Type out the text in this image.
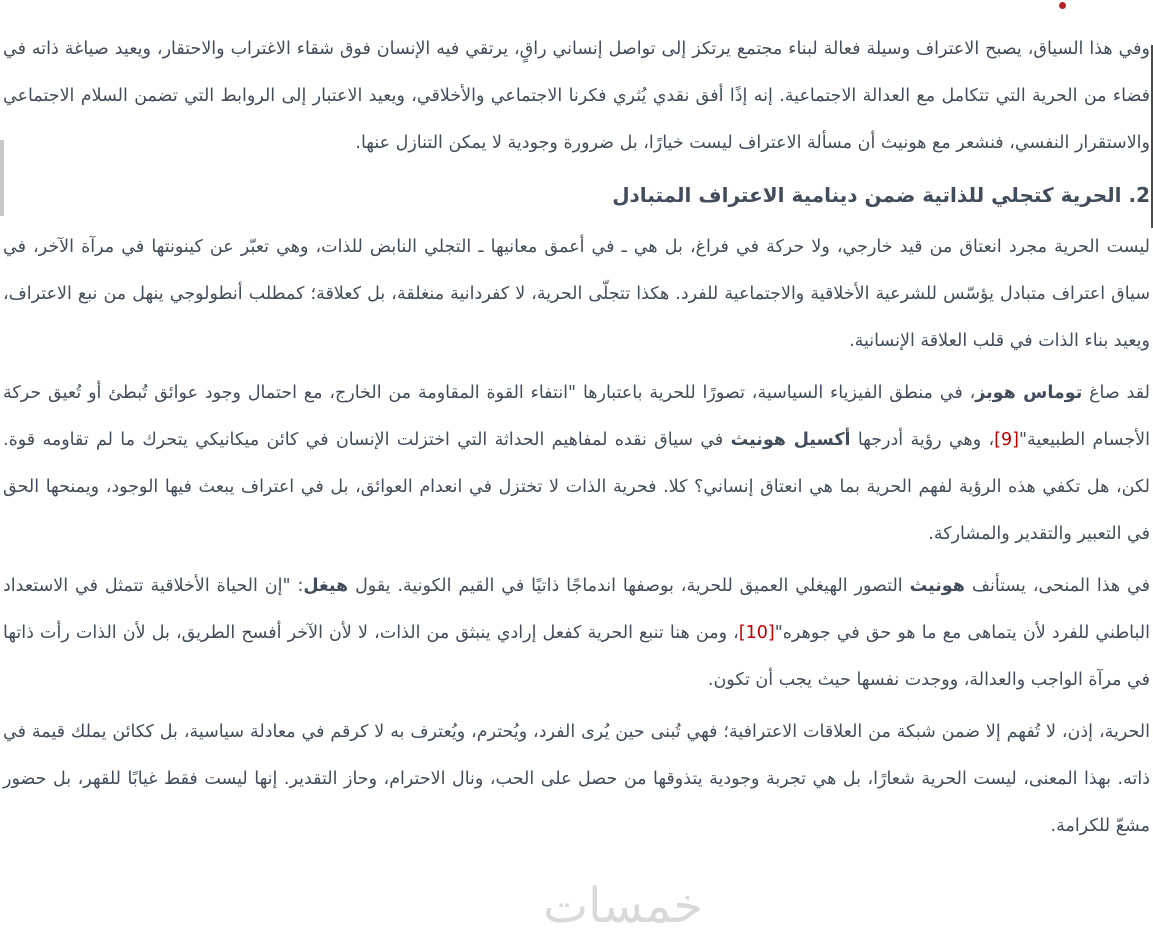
خمسات

وفي هذا السياق، يصبح الاعتراف وسيلة فعالة لبناء مجتمع يرتكز إلى تواصل إنساني راقٍ، يرتقي فيه الإنسان فوق شقاء الاغتراب والاحتقار، ويعيد صياغة ذاته في فضاء من الحرية التي تتكامل مع العدالة الاجتماعية. إنه إذًا أفق نقدي يُثري فكرنا الاجتماعي والأخلاقي، ويعيد الاعتبار إلى الروابط التي تضمن السلام الاجتماعي والاستقرار النفسي، فنشعر مع هونيث أن مسألة الاعتراف ليست خيارًا، بل ضرورة وجودية لا يمكن التنازل عنها.

2. الحرية كتجلي للذاتية ضمن دينامية الاعتراف المتبادل

ليست الحرية مجرد انعتاق من قيد خارجي، ولا حركة في فراغ، بل هي ـ في أعمق معانيها ـ التجلي النابض للذات، وهي تعبّر عن كينونتها في مرآة الآخر، في سياق اعتراف متبادل يؤسّس للشرعية الأخلاقية والاجتماعية للفرد. هكذا تتجلّى الحرية، لا كفردانية منغلقة، بل كعلاقة؛ كمطلب أنطولوجي ينهل من نبع الاعتراف، ويعيد بناء الذات في قلب العلاقة الإنسانية.

لقد صاغ توماس هوبز، في منطق الفيزياء السياسية، تصورًا للحرية باعتبارها "انتفاء القوة المقاومة من الخارج، مع احتمال وجود عوائق تُبطئ أو تُعيق حركة الأجسام الطبيعية"[9]، وهي رؤية أدرجها أكسيل هونيث في سياق نقده لمفاهيم الحداثة التي اختزلت الإنسان في كائن ميكانيكي يتحرك ما لم تقاومه قوة. لكن، هل تكفي هذه الرؤية لفهم الحرية بما هي انعتاق إنساني؟ كلا. فحرية الذات لا تختزل في انعدام العوائق، بل في اعتراف يبعث فيها الوجود، ويمنحها الحق في التعبير والتقدير والمشاركة.

في هذا المنحى، يستأنف هونيث التصور الهيغلي العميق للحرية، بوصفها اندماجًا ذاتيًا في القيم الكونية. يقول هيغل: "إن الحياة الأخلاقية تتمثل في الاستعداد الباطني للفرد لأن يتماهى مع ما هو حق في جوهره"[10]، ومن هنا تنبع الحرية كفعل إرادي ينبثق من الذات، لا لأن الآخر أفسح الطريق، بل لأن الذات رأت ذاتها في مرآة الواجب والعدالة، ووجدت نفسها حيث يجب أن تكون.

الحرية، إذن، لا تُفهم إلا ضمن شبكة من العلاقات الاعترافية؛ فهي تُبنى حين يُرى الفرد، ويُحترم، ويُعترف به لا كرقم في معادلة سياسية، بل ككائن يملك قيمة في ذاته. بهذا المعنى، ليست الحرية شعارًا، بل هي تجربة وجودية يتذوقها من حصل على الحب، ونال الاحترام، وحاز التقدير. إنها ليست فقط غيابًا للقهر، بل حضور مشعّ للكرامة.
